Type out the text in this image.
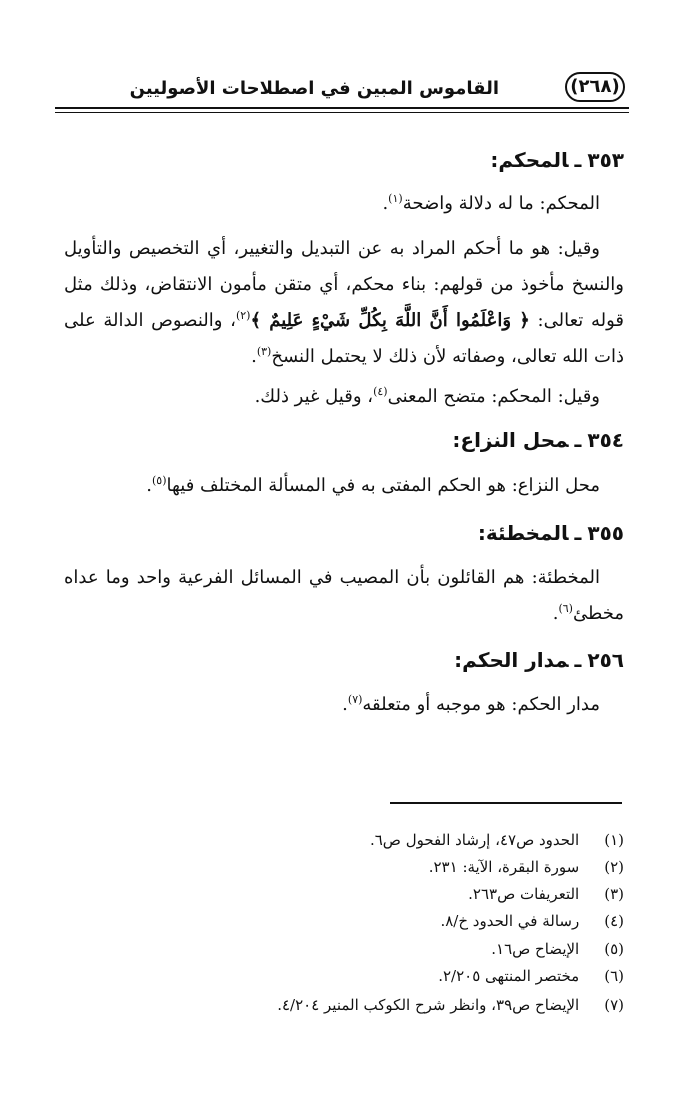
القاموس المبين في اصطلاحات الأصوليين	(٢٦٨)
٣٥٣ـالمحكم:
المحكم: ما له دلالة واضحة$^{(١)}$.
وقيل: هو ما أحكم المراد به عن التبديل والتغيير، أي التخصيص والتأويل والنسخ مأخوذ من قولهم: بناء محكم، أي متقن مأمون الانتقاض، وذلك مثل قوله تعالى: ﴿ وَاعْلَمُوا أَنَّ اللَّهَ بِكُلِّ شَيْءٍ عَلِيمٌ ﴾$^{(٢)}$، والنصوص الدالة على ذات الله تعالى، وصفاته لأن ذلك لا يحتمل النسخ$^{(٣)}$.
وقيل: المحكم: متضح المعنى$^{(٤)}$، وقيل غير ذلك.
٣٥٤ـمحل النزاع:
محل النزاع: هو الحكم المفتى به في المسألة المختلف فيها$^{(٥)}$.
٣٥٥ـالمخطئة:
المخطئة: هم القائلون بأن المصيب في المسائل الفرعية واحد وما عداه مخطئ$^{(٦)}$.
٢٥٦ـمدار الحكم:
مدار الحكم: هو موجبه أو متعلقه$^{(٧)}$.
(١) الحدود ص٤٧، إرشاد الفحول ص٦.
(٢) سورة البقرة، الآية: ٢٣١.
(٣) التعريفات ص٢٦٣.
(٤) رسالة في الحدود خ/٨.
(٥) الإيضاح ص١٦.
(٦) مختصر المنتهى ٢/٢٠٥.
(٧) الإيضاح ص٣٩، وانظر شرح الكوكب المنير ٤/٢٠٤.
